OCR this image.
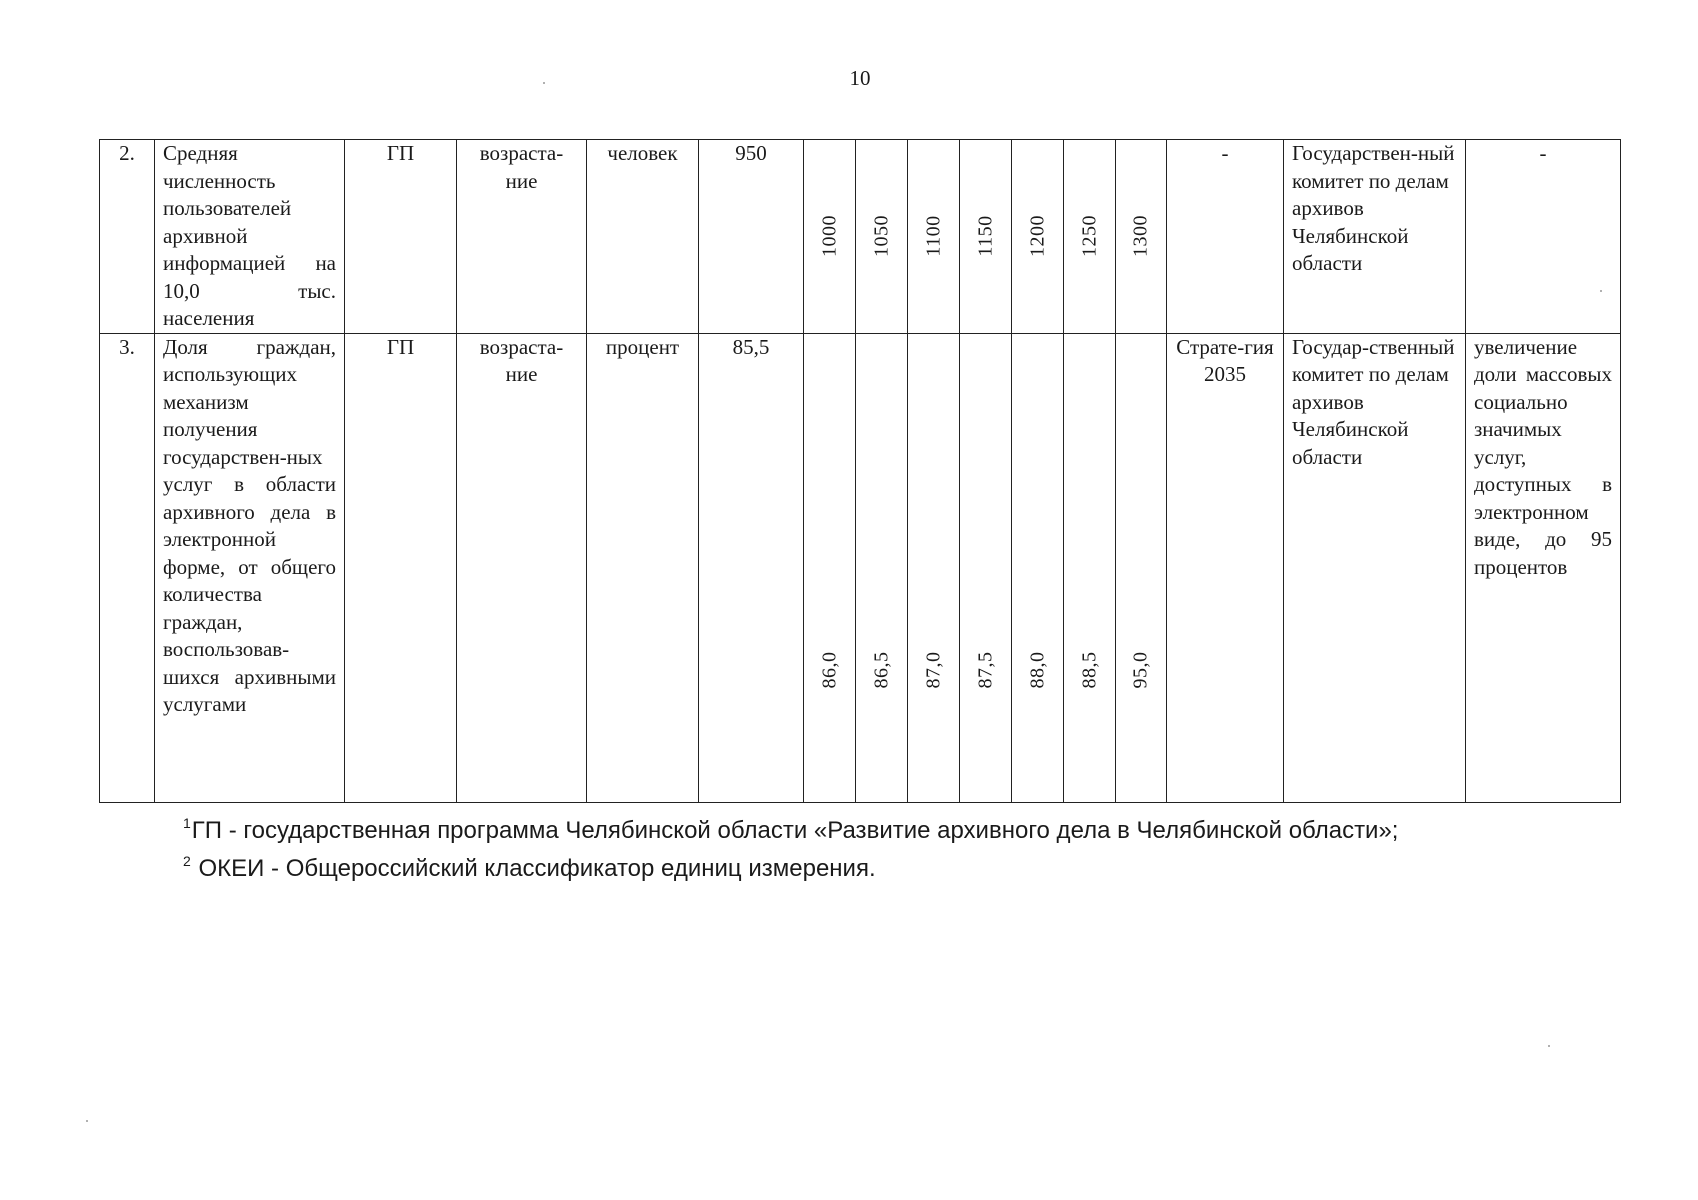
10
2.	Средняя численность пользователей архивной информацией на 10,0 тыс. населения	ГП	возраста-ние	человек	950	1000	1050	1100	1150	1200	1250	1300	-	Государствен-ный комитет по делам архивов Челябинской области	-
3.	Доля граждан, использующих механизм получения государствен-ных услуг в области архивного дела в электронной форме, от общего количества граждан, воспользовав-шихся архивными услугами	ГП	возраста-ние	процент	85,5	86,0	86,5	87,0	87,5	88,0	88,5	95,0	Страте-гия 2035	Государ-ственный комитет по делам архивов Челябинской области	увеличение доли массовых социально значимых услуг, доступных в электронном виде, до 95 процентов
$^1$ГП - государственная программа Челябинской области «Развитие архивного дела в Челябинской области»;
$^2$ ОКЕИ - Общероссийский классификатор единиц измерения.
